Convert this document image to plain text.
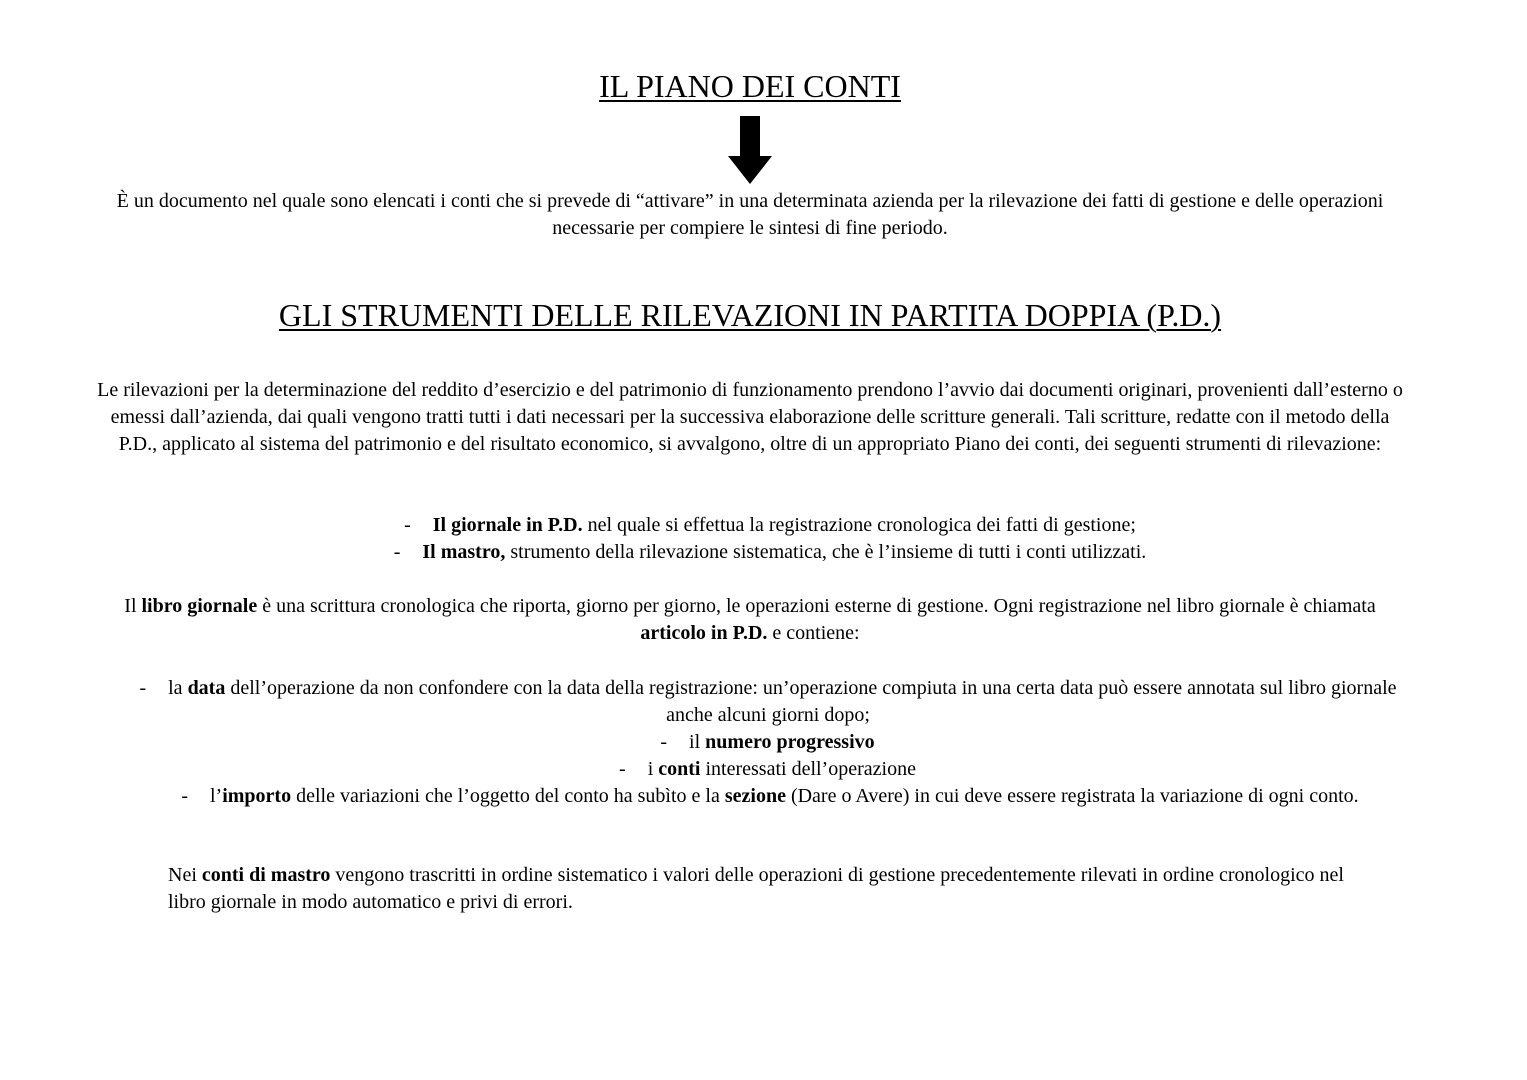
IL PIANO DEI CONTI
È un documento nel quale sono elencati i conti che si prevede di “attivare” in una determinata azienda per la rilevazione dei fatti di gestione e delle operazioni necessarie per compiere le sintesi di fine periodo.
GLI STRUMENTI DELLE RILEVAZIONI IN PARTITA DOPPIA (P.D.)
Le rilevazioni per la determinazione del reddito d’esercizio e del patrimonio di funzionamento prendono l’avvio dai documenti originari, provenienti dall’esterno o emessi dall’azienda, dai quali vengono tratti tutti i dati necessari per la successiva elaborazione delle scritture generali. Tali scritture, redatte con il metodo della P.D., applicato al sistema del patrimonio e del risultato economico, si avvalgono, oltre di un appropriato Piano dei conti, dei seguenti strumenti di rilevazione:
- Il giornale in P.D. nel quale si effettua la registrazione cronologica dei fatti di gestione;
- Il mastro, strumento della rilevazione sistematica, che è l’insieme di tutti i conti utilizzati.
Il libro giornale è una scrittura cronologica che riporta, giorno per giorno, le operazioni esterne di gestione. Ogni registrazione nel libro giornale è chiamata articolo in P.D. e contiene:
- la data dell’operazione da non confondere con la data della registrazione: un’operazione compiuta in una certa data può essere annotata sul libro giornale anche alcuni giorni dopo;
- il numero progressivo
- i conti interessati dell’operazione
- l’importo delle variazioni che l’oggetto del conto ha subìto e la sezione (Dare o Avere) in cui deve essere registrata la variazione di ogni conto.
Nei conti di mastro vengono trascritti in ordine sistematico i valori delle operazioni di gestione precedentemente rilevati in ordine cronologico nel libro giornale in modo automatico e privi di errori.
